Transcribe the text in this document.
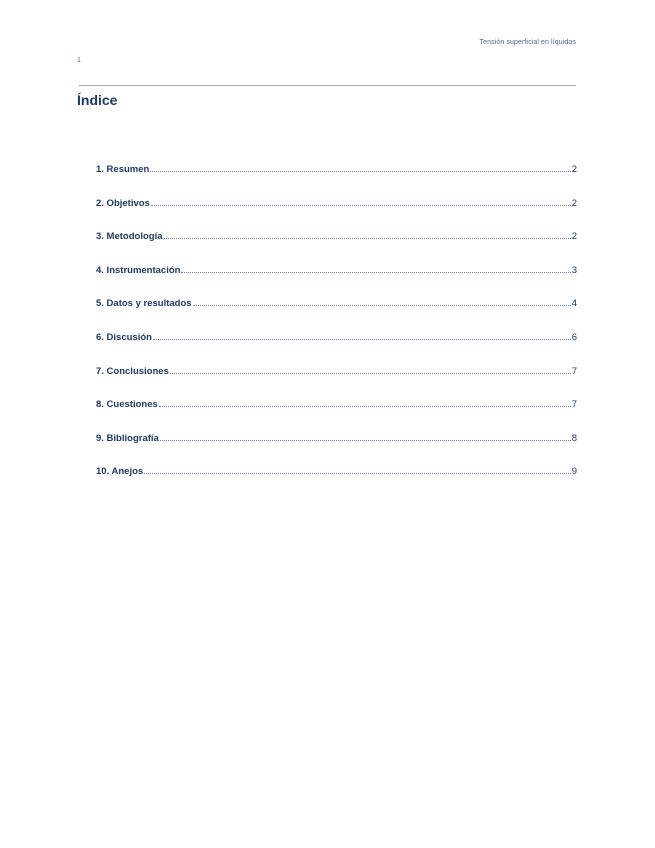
Tensión superficial en líquidos
1
Índice
1. Resumen	2
2. Objetivos	2
3. Metodología	2
4. Instrumentación	3
5. Datos y resultados	4
6. Discusión	6
7. Conclusiones	7
8. Cuestiones	7
9. Bibliografía	8
10. Anejos	9
